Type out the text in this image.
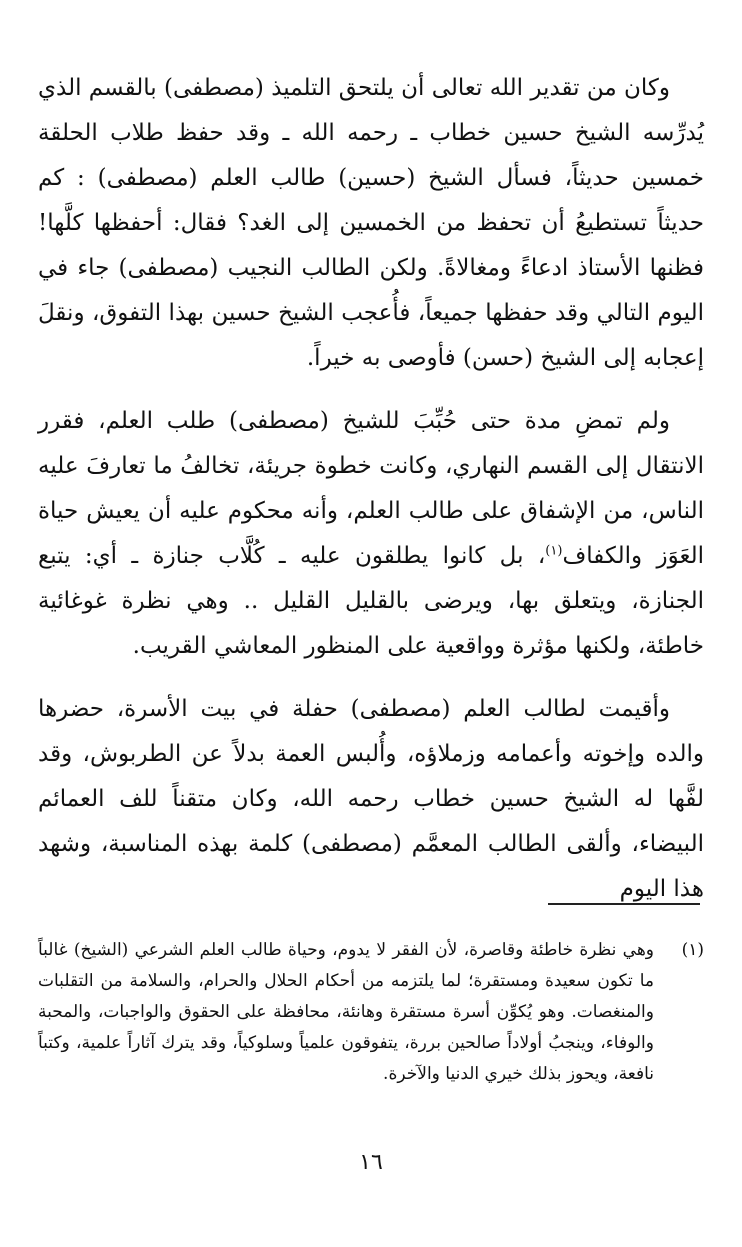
وكان من تقدير الله تعالى أن يلتحق التلميذ (مصطفى) بالقسم الذي يُدرِّسه الشيخ حسين خطاب ـ رحمه الله ـ وقد حفظ طلاب الحلقة خمسين حديثاً، فسأل الشيخ (حسين) طالب العلم (مصطفى) : كم حديثاً تستطيعُ أن تحفظ من الخمسين إلى الغد؟ فقال: أحفظها كلَّها! فظنها الأستاذ ادعاءً ومغالاةً. ولكن الطالب النجيب (مصطفى) جاء في اليوم التالي وقد حفظها جميعاً، فأُعجب الشيخ حسين بهذا التفوق، ونقلَ إعجابه إلى الشيخ (حسن) فأوصى به خيراً.

ولم تمضِ مدة حتى حُبِّبَ للشيخ (مصطفى) طلب العلم، فقرر الانتقال إلى القسم النهاري، وكانت خطوة جريئة، تخالفُ ما تعارفَ عليه الناس، من الإشفاق على طالب العلم، وأنه محكوم عليه أن يعيش حياة العَوَز والكفاف$^{(١)}$، بل كانوا يطلقون عليه ـ كُلَّاب جنازة ـ أي: يتبع الجنازة، ويتعلق بها، ويرضى بالقليل القليل .. وهي نظرة غوغائية خاطئة، ولكنها مؤثرة وواقعية على المنظور المعاشي القريب.

وأقيمت لطالب العلم (مصطفى) حفلة في بيت الأسرة، حضرها والده وإخوته وأعمامه وزملاؤه، وأُلبس العمة بدلاً عن الطربوش، وقد لفَّها له الشيخ حسين خطاب رحمه الله، وكان متقناً للف العمائم البيضاء، وألقى الطالب المعمَّم (مصطفى) كلمة بهذه المناسبة، وشهد هذا اليوم

(١)
وهي نظرة خاطئة وقاصرة، لأن الفقر لا يدوم، وحياة طالب العلم الشرعي (الشيخ) غالباً ما تكون سعيدة ومستقرة؛ لما يلتزمه من أحكام الحلال والحرام، والسلامة من التقلبات والمنغصات. وهو يُكوِّن أسرة مستقرة وهانئة، محافظة على الحقوق والواجبات، والمحبة والوفاء، وينجبُ أولاداً صالحين بررة، يتفوقون علمياً وسلوكياً، وقد يترك آثاراً علمية، وكتباً نافعة، ويحوز بذلك خيري الدنيا والآخرة.
١٦
